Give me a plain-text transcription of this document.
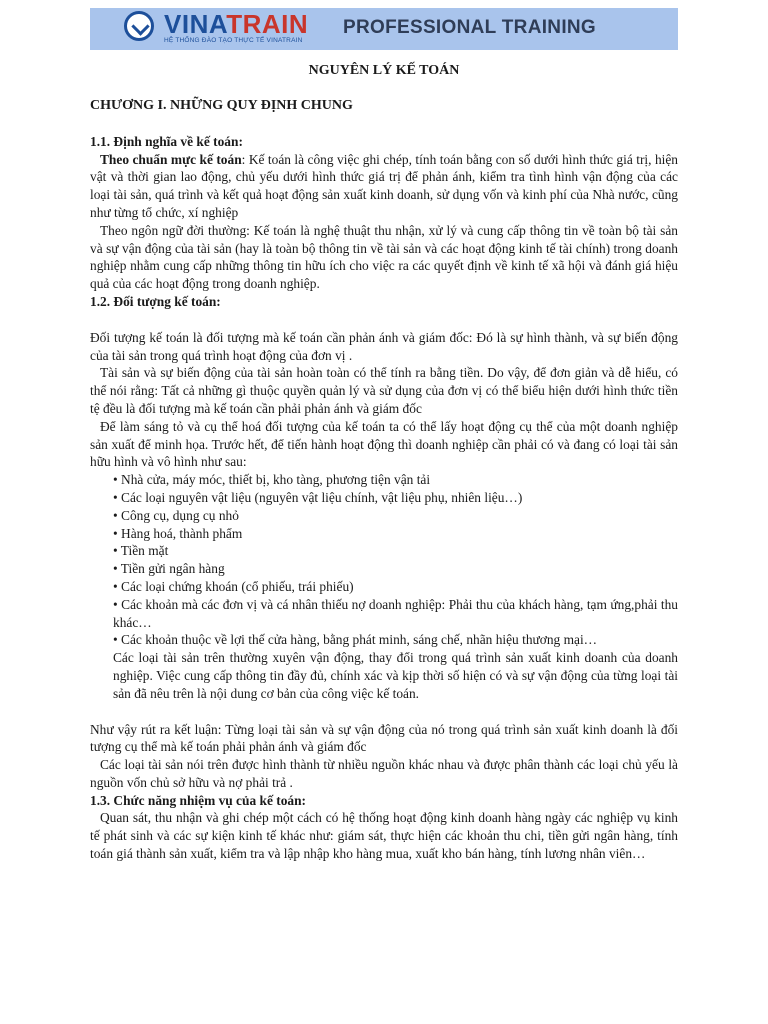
VINATRAIN
HỆ THỐNG ĐÀO TẠO THỰC TẾ VINATRAIN
PROFESSIONAL TRAINING
NGUYÊN LÝ KẾ TOÁN

CHƯƠNG I. NHỮNG QUY ĐỊNH CHUNG

1.1. Định nghĩa về kế toán:

Theo chuẩn mực kế toán: Kế toán là công việc ghi chép, tính toán bằng con số dưới hình thức giá trị, hiện vật và thời gian lao động, chủ yếu dưới hình thức giá trị để phản ánh, kiểm tra tình hình vận động của các loại tài sản, quá trình và kết quả hoạt động sản xuất kinh doanh, sử dụng vốn và kinh phí của Nhà nước, cũng như từng tổ chức, xí nghiệp

Theo ngôn ngữ đời thường: Kế toán là nghệ thuật thu nhận, xử lý và cung cấp thông tin về toàn bộ tài sản và sự vận động của tài sản (hay là toàn bộ thông tin về tài sản và các hoạt động kinh tế tài chính) trong doanh nghiệp nhằm cung cấp những thông tin hữu ích cho việc ra các quyết định về kinh tế xã hội và đánh giá hiệu quả của các hoạt động trong doanh nghiệp.

1.2. Đối tượng kế toán:

Đối tượng kế toán là đối tượng mà kế toán cần phản ánh và giám đốc: Đó là sự hình thành, và sự biến động của tài sản trong quá trình hoạt động của đơn vị .

Tài sản và sự biến động của tài sản hoàn toàn có thể tính ra bằng tiền. Do vậy, để đơn giản và dễ hiểu, có thể nói rằng: Tất cả những gì thuộc quyền quản lý và sử dụng của đơn vị có thể biểu hiện dưới hình thức tiền tệ đều là đối tượng mà kế toán cần phải phản ánh và giám đốc

Để làm sáng tỏ và cụ thể hoá đối tượng của kế toán ta có thể lấy hoạt động cụ thể của một doanh nghiệp sản xuất để minh họa. Trước hết, để tiến hành hoạt động thì doanh nghiệp cần phải có và đang có loại tài sản hữu hình và vô hình như sau:

• Nhà cửa, máy móc, thiết bị, kho tàng, phương tiện vận tải

• Các loại nguyên vật liệu (nguyên vật liệu chính, vật liệu phụ, nhiên liệu…)

• Công cụ, dụng cụ nhỏ

• Hàng hoá, thành phẩm

• Tiền mặt

• Tiền gửi ngân hàng

• Các loại chứng khoán (cổ phiếu, trái phiếu)

• Các khoản mà các đơn vị và cá nhân thiếu nợ doanh nghiệp: Phải thu của khách hàng, tạm ứng,phải thu khác…

• Các khoản thuộc về lợi thế cửa hàng, bằng phát minh, sáng chế, nhãn hiệu thương mại…

Các loại tài sản trên thường xuyên vận động, thay đổi trong quá trình sản xuất kinh doanh của doanh nghiệp. Việc cung cấp thông tin đầy đủ, chính xác và kịp thời số hiện có và sự vận động của từng loại tài sản đã nêu trên là nội dung cơ bản của công việc kế toán.

Như vậy rút ra kết luận: Từng loại tài sản và sự vận động của nó trong quá trình sản xuất kinh doanh là đối tượng cụ thể mà kế toán phải phản ánh và giám đốc

Các loại tài sản nói trên được hình thành từ nhiều nguồn khác nhau và được phân thành các loại chủ yếu là nguồn vốn chủ sở hữu và nợ phải trả .

1.3. Chức năng nhiệm vụ của kế toán:

Quan sát, thu nhận và ghi chép một cách có hệ thống hoạt động kinh doanh hàng ngày các nghiệp vụ kinh tế phát sinh và các sự kiện kinh tế khác như: giám sát, thực hiện các khoản thu chi, tiền gửi ngân hàng, tính toán giá thành sản xuất, kiểm tra và lập nhập kho hàng mua, xuất kho bán hàng, tính lương nhân viên…
